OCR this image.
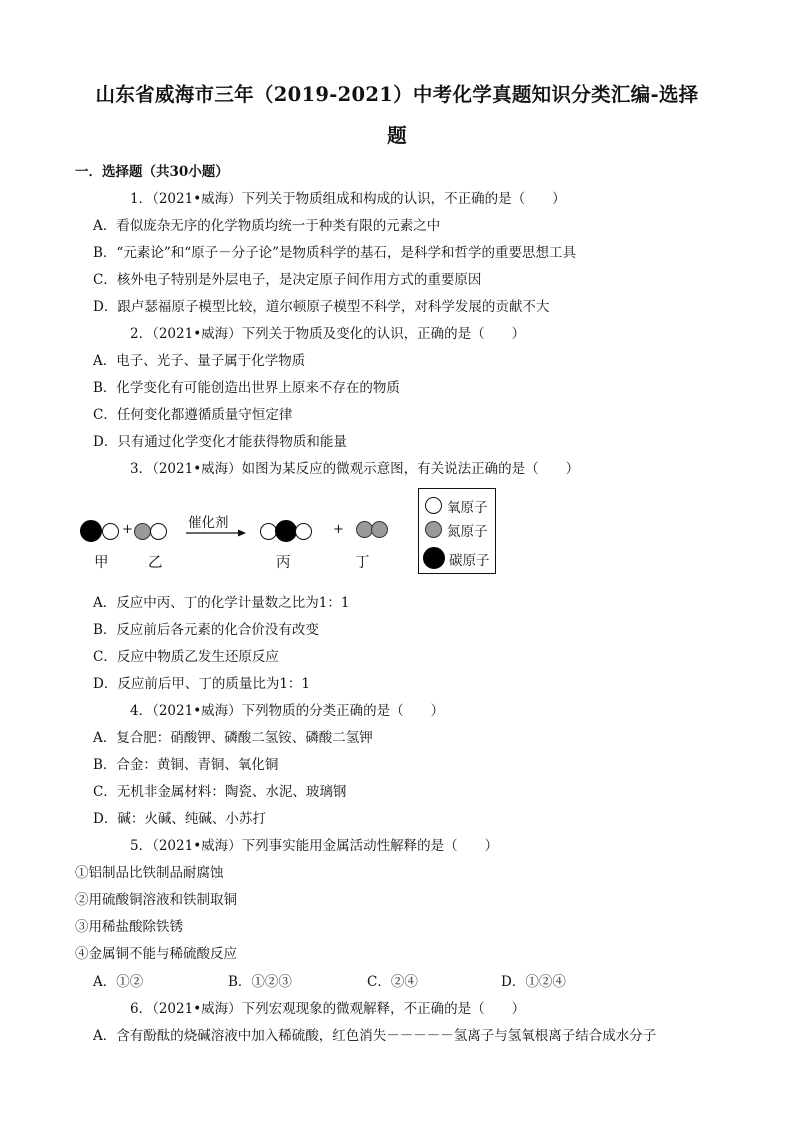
山东省威海市三年（2019-2021）中考化学真题知识分类汇编-选择
题
一．选择题（共30小题）
1．（2021•威海）下列关于物质组成和构成的认识，不正确的是（　　）
A．看似庞杂无序的化学物质均统一于种类有限的元素之中
B．“元素论”和“原子－分子论”是物质科学的基石，是科学和哲学的重要思想工具
C．核外电子特别是外层电子，是决定原子间作用方式的重要原因
D．跟卢瑟福原子模型比较，道尔顿原子模型不科学，对科学发展的贡献不大
2．（2021•威海）下列关于物质及变化的认识，正确的是（　　）
A．电子、光子、量子属于化学物质
B．化学变化有可能创造出世界上原来不存在的物质
C．任何变化都遵循质量守恒定律
D．只有通过化学变化才能获得物质和能量
3．（2021•威海）如图为某反应的微观示意图，有关说法正确的是（　　）
+	催化剂	+
甲	乙	丙	丁
氧原子
氮原子
碳原子
A．反应中丙、丁的化学计量数之比为1：1
B．反应前后各元素的化合价没有改变
C．反应中物质乙发生还原反应
D．反应前后甲、丁的质量比为1：1
4．（2021•威海）下列物质的分类正确的是（　　）
A．复合肥：硝酸钾、磷酸二氢铵、磷酸二氢钾
B．合金：黄铜、青铜、氧化铜
C．无机非金属材料：陶瓷、水泥、玻璃钢
D．碱：火碱、纯碱、小苏打
5．（2021•威海）下列事实能用金属活动性解释的是（　　）
①铝制品比铁制品耐腐蚀
②用硫酸铜溶液和铁制取铜
③用稀盐酸除铁锈
④金属铜不能与稀硫酸反应
A．①②	B．①②③	C．②④	D．①②④
6．（2021•威海）下列宏观现象的微观解释，不正确的是（　　）
A．含有酚酞的烧碱溶液中加入稀硫酸，红色消失－－－－－氢离子与氢氧根离子结合成水分子
